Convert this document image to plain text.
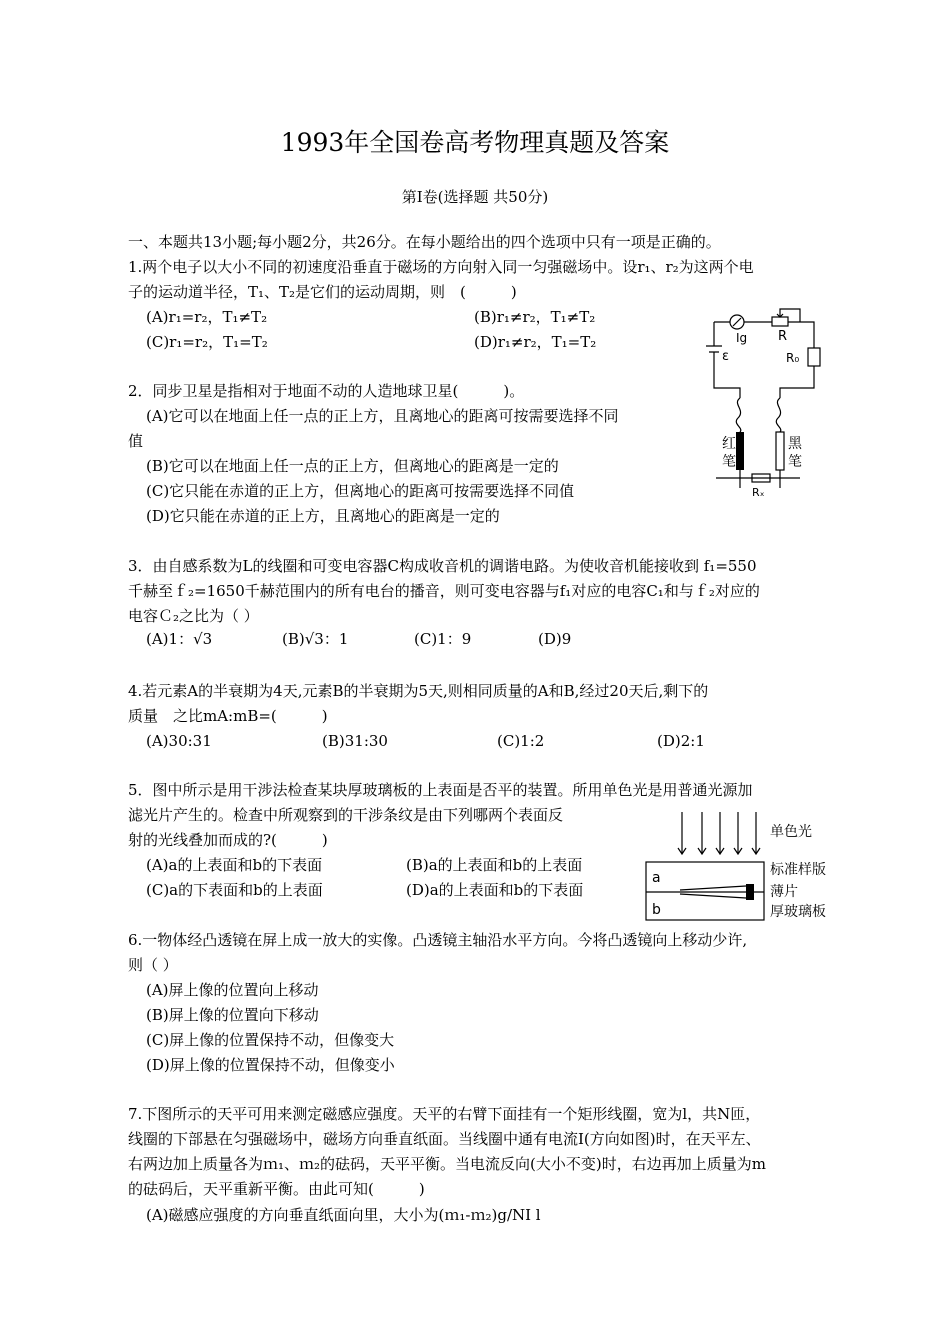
1993年全国卷高考物理真题及答案
第Ⅰ卷(选择题 共50分)
一、本题共13小题;每小题2分，共26分。在每小题给出的四个选项中只有一项是正确的。
1.两个电子以大小不同的初速度沿垂直于磁场的方向射入同一匀强磁场中。设r₁、r₂为这两个电
子的运动道半径，T₁、T₂是它们的运动周期，则　(　　　)
(A)r₁=r₂，T₁≠T₂	(B)r₁≠r₂，T₁≠T₂
(C)r₁=r₂，T₁=T₂	(D)r₁≠r₂，T₁=T₂	Ig R
ε	R₀
红
笔
黑
笔
Rₓ
2．同步卫星是指相对于地面不动的人造地球卫星(　　　)。
(A)它可以在地面上任一点的正上方，且离地心的距离可按需要选择不同
值
(B)它可以在地面上任一点的正上方，但离地心的距离是一定的
(C)它只能在赤道的正上方，但离地心的距离可按需要选择不同值
(D)它只能在赤道的正上方，且离地心的距离是一定的
3．由自感系数为L的线圈和可变电容器C构成收音机的调谐电路。为使收音机能接收到 f₁=550
千赫至ｆ₂=1650千赫范围内的所有电台的播音，则可变电容器与f₁对应的电容C₁和与ｆ₂对应的
电容Ｃ₂之比为（ ）
(A)1：√3	(B)√3：1	(C)1：9	(D)9
4.若元素A的半衰期为4天,元素B的半衰期为5天,则相同质量的A和B,经过20天后,剩下的
质量　之比mA:mB=(　　　)
(A)30:31	(B)31:30	(C)1:2	(D)2:1
5．图中所示是用干涉法检查某块厚玻璃板的上表面是否平的装置。所用单色光是用普通光源加
滤光片产生的。检查中所观察到的干涉条纹是由下列哪两个表面反
射的光线叠加而成的?(　　　)
(A)a的上表面和b的下表面	(B)a的上表面和b的上表面
(C)a的下表面和b的上表面	(D)a的上表面和b的下表面
a
b
单色光
标准样版
薄片
厚玻璃板
6.一物体经凸透镜在屏上成一放大的实像。凸透镜主轴沿水平方向。今将凸透镜向上移动少许,
则（ ）
(A)屏上像的位置向上移动
(B)屏上像的位置向下移动
(C)屏上像的位置保持不动，但像变大
(D)屏上像的位置保持不动，但像变小
7.下图所示的天平可用来测定磁感应强度。天平的右臂下面挂有一个矩形线圈，宽为l，共N匝，
线圈的下部悬在匀强磁场中，磁场方向垂直纸面。当线圈中通有电流I(方向如图)时，在天平左、
右两边加上质量各为ｍ₁、ｍ₂的砝码，天平平衡。当电流反向(大小不变)时，右边再加上质量为m
的砝码后，天平重新平衡。由此可知(　　　)
(A)磁感应强度的方向垂直纸面向里，大小为(ｍ₁-ｍ₂)g/NI l
